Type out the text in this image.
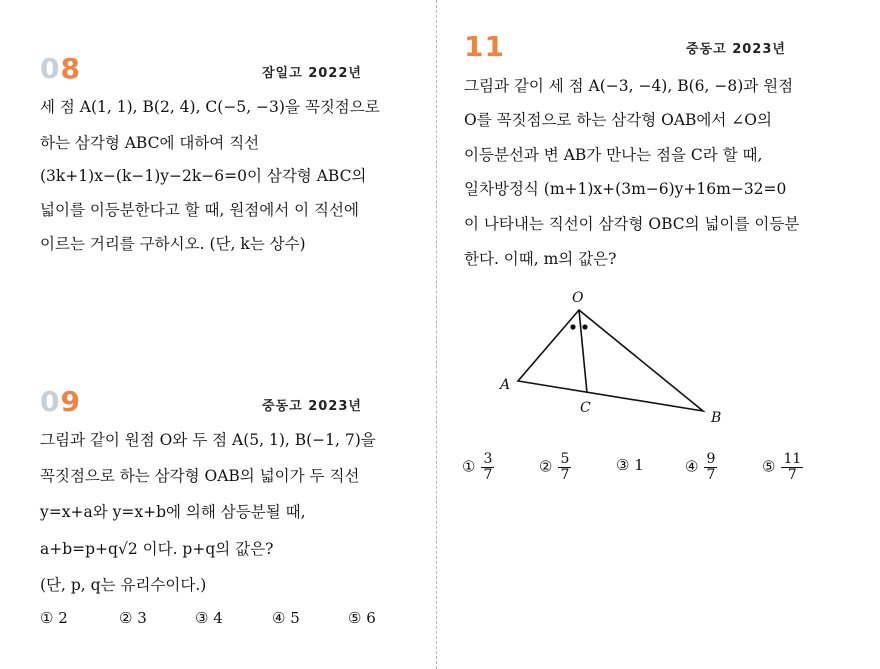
08	잠일고 2022년
세 점 A(1, 1), B(2, 4), C(−5, −3)을 꼭짓점으로
하는 삼각형 ABC에 대하여 직선
(3k+1)x−(k−1)y−2k−6=0이 삼각형 ABC의
넓이를 이등분한다고 할 때, 원점에서 이 직선에
이르는 거리를 구하시오. (단, k는 상수)
09	중동고 2023년
그림과 같이 원점 O와 두 점 A(5, 1), B(−1, 7)을
꼭짓점으로 하는 삼각형 OAB의 넓이가 두 직선
y=x+a와 y=x+b에 의해 삼등분될 때,
a+b=p+q√2 이다. p+q의 값은?
(단, p, q는 유리수이다.)
① 2	② 3	③ 4	④ 5	⑤ 6
11	중동고 2023년
그림과 같이 세 점 A(−3, −4), B(6, −8)과 원점
O를 꼭짓점으로 하는 삼각형 OAB에서 ∠O의
이등분선과 변 AB가 만나는 점을 C라 할 때,
일차방정식 (m+1)x+(3m−6)y+16m−32=0
이 나타내는 직선이 삼각형 OBC의 넓이를 이등분
한다. 이때, m의 값은?
O
A
C
B
① $\frac{3}{7}$	② $\frac{5}{7}$	③ 1	④ $\frac{9}{7}$	⑤ $\frac{11}{7}$
